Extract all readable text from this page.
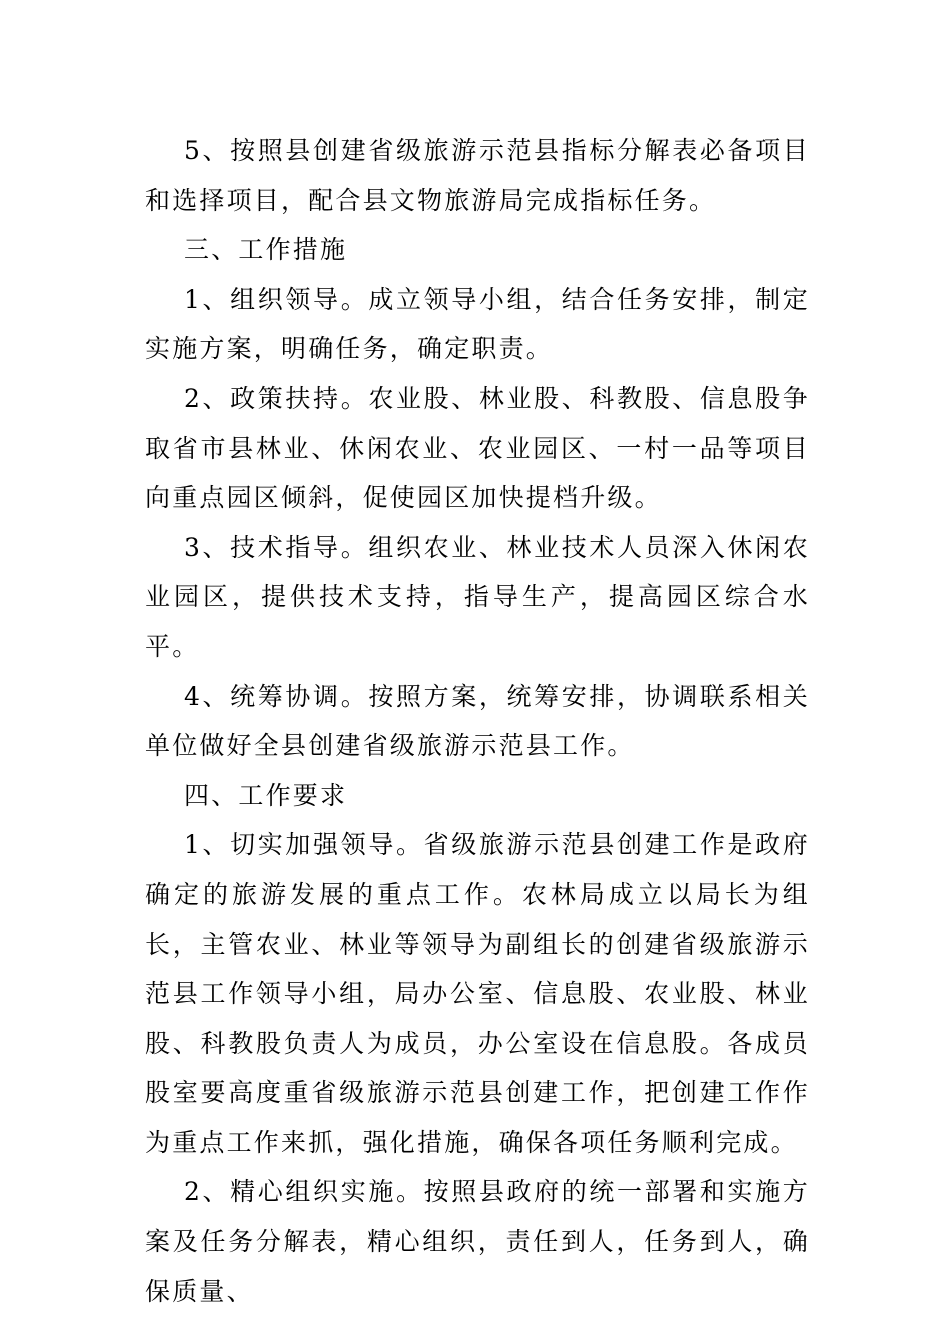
5、按照县创建省级旅游示范县指标分解表必备项目和选择项目，配合县文物旅游局完成指标任务。

三、工作措施

1、组织领导。成立领导小组，结合任务安排，制定实施方案，明确任务，确定职责。

2、政策扶持。农业股、林业股、科教股、信息股争取省市县林业、休闲农业、农业园区、一村一品等项目向重点园区倾斜，促使园区加快提档升级。

3、技术指导。组织农业、林业技术人员深入休闲农业园区，提供技术支持，指导生产，提高园区综合水平。

4、统筹协调。按照方案，统筹安排，协调联系相关单位做好全县创建省级旅游示范县工作。

四、工作要求

1、切实加强领导。省级旅游示范县创建工作是政府确定的旅游发展的重点工作。农林局成立以局长为组长，主管农业、林业等领导为副组长的创建省级旅游示范县工作领导小组，局办公室、信息股、农业股、林业股、科教股负责人为成员，办公室设在信息股。各成员股室要高度重省级旅游示范县创建工作，把创建工作作为重点工作来抓，强化措施，确保各项任务顺利完成。

2、精心组织实施。按照县政府的统一部署和实施方案及任务分解表，精心组织，责任到人，任务到人，确保质量、
